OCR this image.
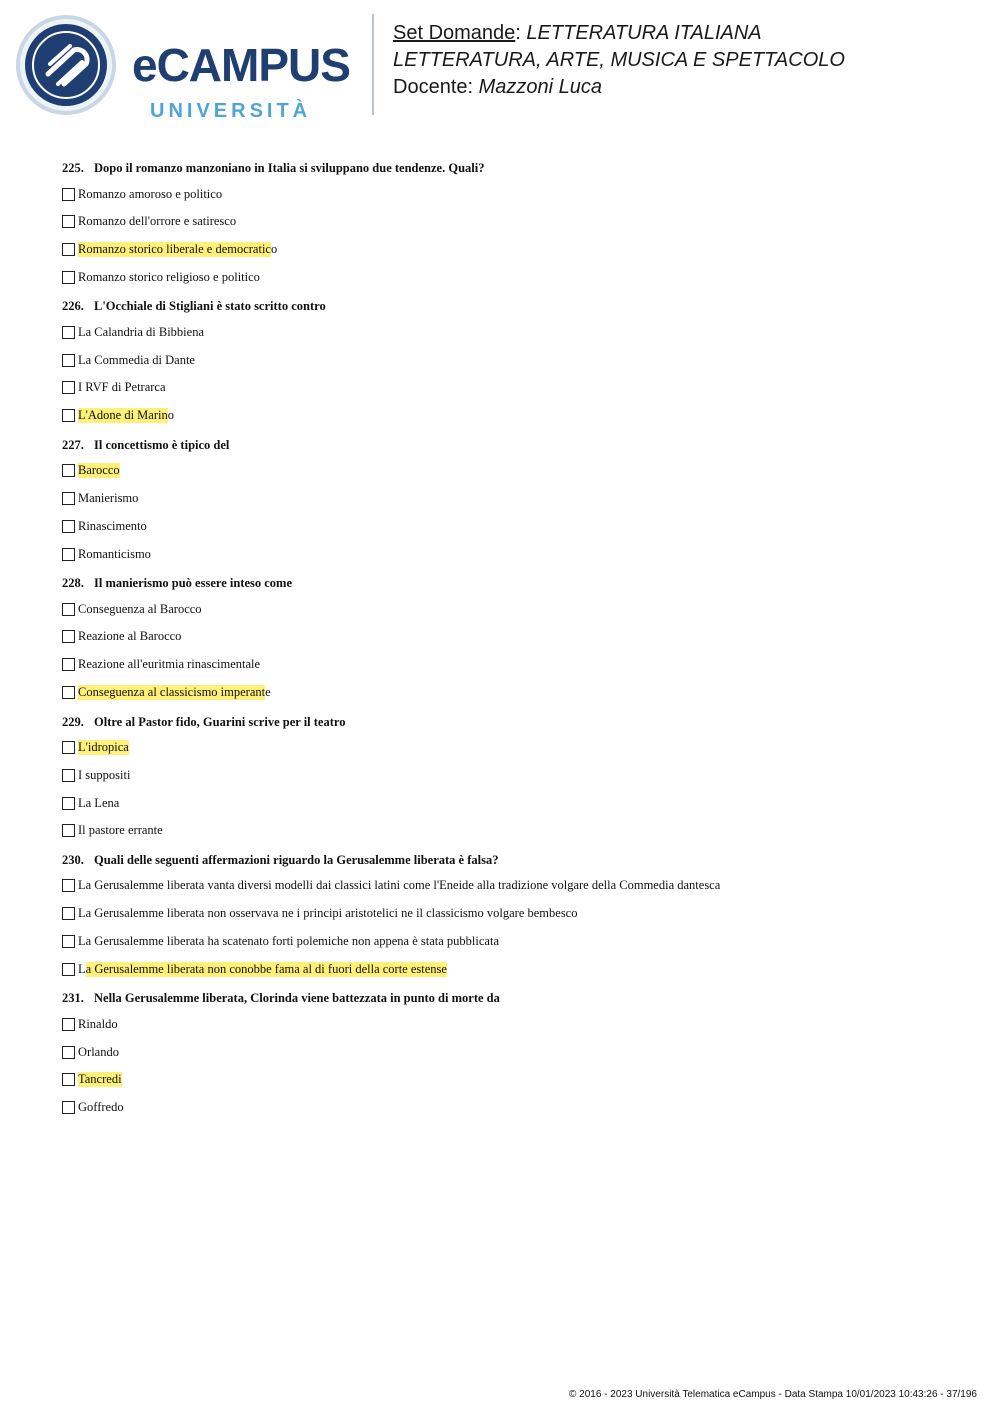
eCAMPUS
UNIVERSITÀ
Set Domande: LETTERATURA ITALIANA
LETTERATURA, ARTE, MUSICA E SPETTACOLO
Docente: Mazzoni Luca
225. Dopo il romanzo manzoniano in Italia si sviluppano due tendenze. Quali?
Romanzo amoroso e politico
Romanzo dell'orrore e satiresco
Romanzo storico liberale e democratic o
Romanzo storico religioso e politico
226. L'Occhiale di Stigliani è stato scritto contro
La Calandria di Bibbiena
La Commedia di Dante
I RVF di Petrarca
L'Adone di Marin o
227. Il concettismo è tipico del
Barocco
Manierismo
Rinascimento
Romanticismo
228. Il manierismo può essere inteso come
Conseguenza al Barocco
Reazione al Barocco
Reazione all'euritmia rinascimentale
Conseguenza al classicismo imperant e
229. Oltre al Pastor fido, Guarini scrive per il teatro
L'idropica
I suppositi
La Lena
Il pastore errante
230. Quali delle seguenti affermazioni riguardo la Gerusalemme liberata è falsa?
La Gerusalemme liberata vanta diversi modelli dai classici latini come l'Eneide alla tradizione volgare della Commedia dantesca
La Gerusalemme liberata non osservava ne i principi aristotelici ne il classicismo volgare bembesco
La Gerusalemme liberata ha scatenato forti polemiche non appena è stata pubblicata
L a Gerusalemme liberata non conobbe fama al di fuori della corte estense
231. Nella Gerusalemme liberata, Clorinda viene battezzata in punto di morte da
Rinaldo
Orlando
Tancredi
Goffredo
© 2016 - 2023 Università Telematica eCampus - Data Stampa 10/01/2023 10:43:26 - 37/196
